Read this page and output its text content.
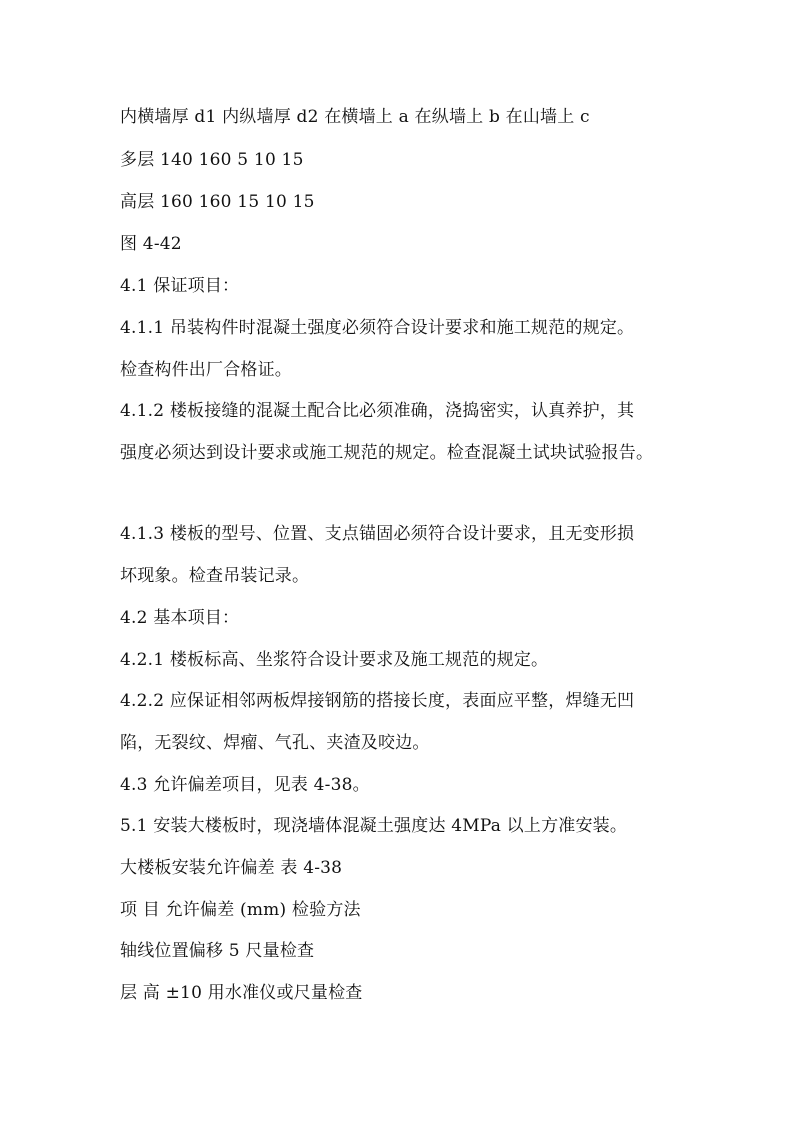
内横墙厚 d1 内纵墙厚 d2 在横墙上 a 在纵墙上 b 在山墙上 c

多层 140 160 5 10 15

高层 160 160 15 10 15

图 4-42

4.1 保证项目：

4.1.1 吊装构件时混凝土强度必须符合设计要求和施工规范的规定。

检查构件出厂合格证。

4.1.2 楼板接缝的混凝土配合比必须准确，浇捣密实，认真养护，其

强度必须达到设计要求或施工规范的规定。检查混凝土试块试验报告。

4.1.3 楼板的型号、位置、支点锚固必须符合设计要求，且无变形损

坏现象。检查吊装记录。

4.2 基本项目：

4.2.1 楼板标高、坐浆符合设计要求及施工规范的规定。

4.2.2 应保证相邻两板焊接钢筋的搭接长度，表面应平整，焊缝无凹

陷，无裂纹、焊瘤、气孔、夹渣及咬边。

4.3 允许偏差项目，见表 4-38。

5.1 安装大楼板时，现浇墙体混凝土强度达 4MPa 以上方准安装。

大楼板安装允许偏差 表 4-38

项 目 允许偏差 (mm) 检验方法

轴线位置偏移 5 尺量检查

层 高 ±10 用水准仪或尺量检查
